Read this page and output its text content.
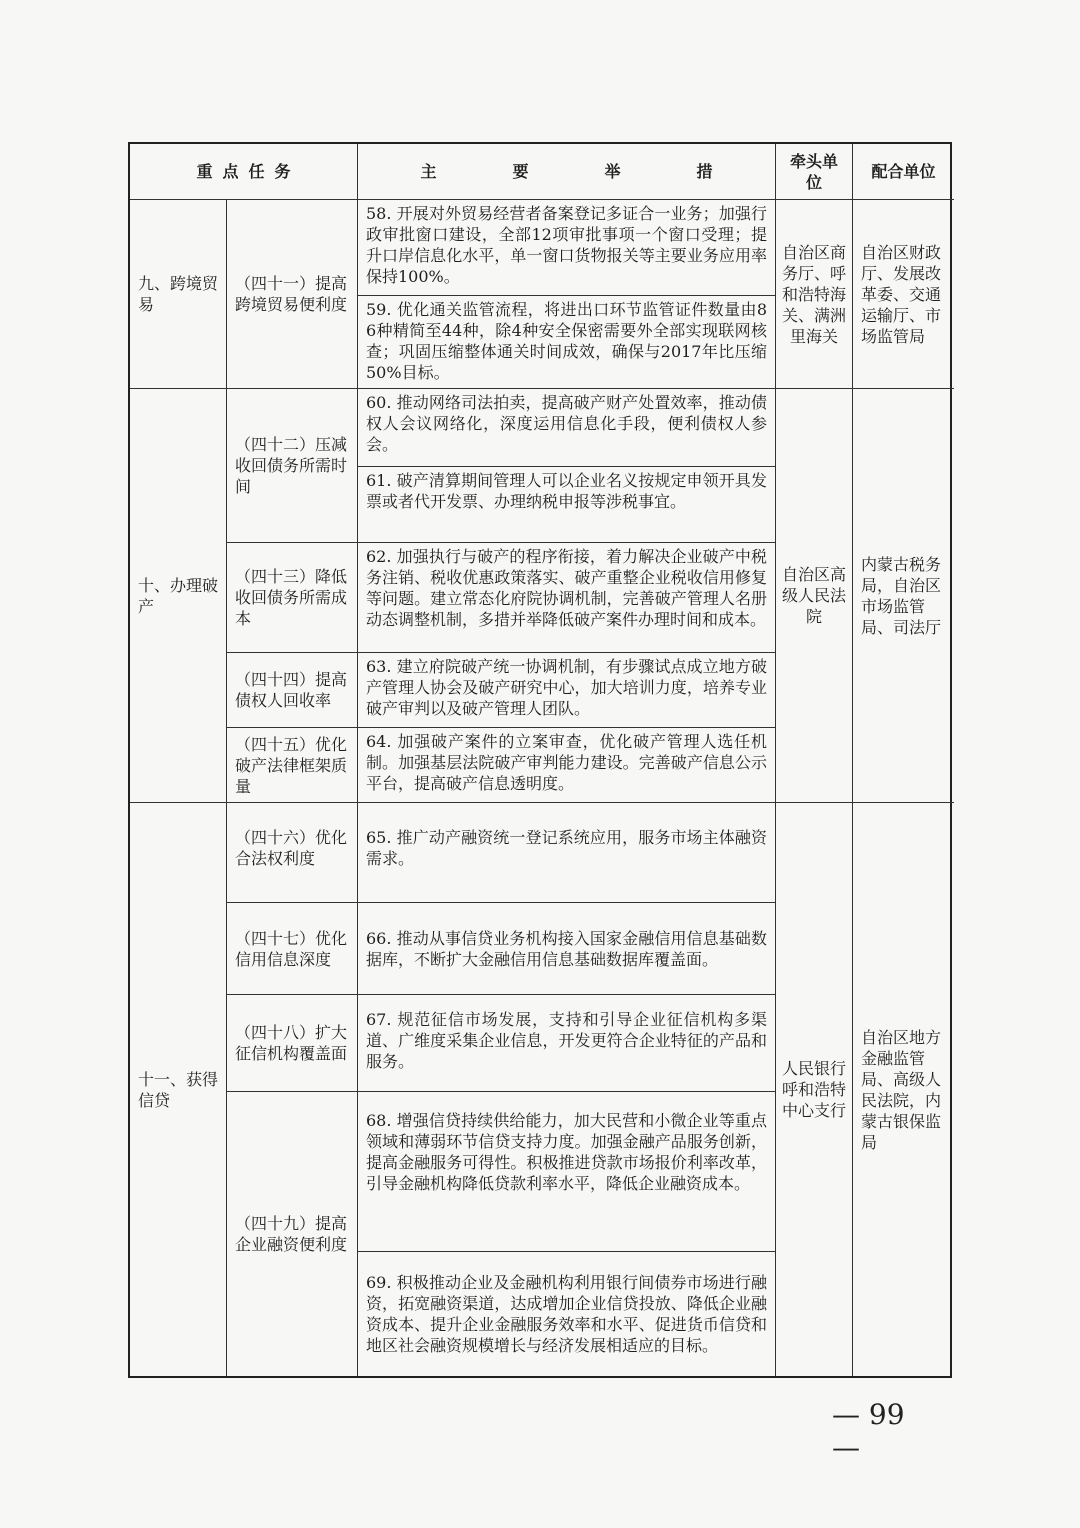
重点任务	主　要　举　措
牵头单位
配合单位
九、跨境贸易
（四十一）提高跨境贸易便利度
58. 开展对外贸易经营者备案登记多证合一业务；加强行政审批窗口建设，全部12项审批事项一个窗口受理；提升口岸信息化水平，单一窗口货物报关等主要业务应用率保持100%。
59. 优化通关监管流程，将进出口环节监管证件数量由86种精简至44种，除4种安全保密需要外全部实现联网核查；巩固压缩整体通关时间成效，确保与2017年比压缩50%目标。
自治区商务厅、呼和浩特海关、满洲里海关
自治区财政厅、发展改革委、交通运输厅、市场监管局
十、办理破产
（四十二）压减收回债务所需时间
60. 推动网络司法拍卖，提高破产财产处置效率，推动债权人会议网络化，深度运用信息化手段，便利债权人参会。
61. 破产清算期间管理人可以企业名义按规定申领开具发票或者代开发票、办理纳税申报等涉税事宜。
（四十三）降低收回债务所需成本
62. 加强执行与破产的程序衔接，着力解决企业破产中税务注销、税收优惠政策落实、破产重整企业税收信用修复等问题。建立常态化府院协调机制，完善破产管理人名册动态调整机制，多措并举降低破产案件办理时间和成本。
（四十四）提高债权人回收率
63. 建立府院破产统一协调机制，有步骤试点成立地方破产管理人协会及破产研究中心，加大培训力度，培养专业破产审判以及破产管理人团队。
（四十五）优化破产法律框架质量
64. 加强破产案件的立案审查，优化破产管理人选任机制。加强基层法院破产审判能力建设。完善破产信息公示平台，提高破产信息透明度。
自治区高级人民法院
内蒙古税务局，自治区市场监管局、司法厅
十一、获得信贷
（四十六）优化合法权利度
65. 推广动产融资统一登记系统应用，服务市场主体融资需求。
（四十七）优化信用信息深度
66. 推动从事信贷业务机构接入国家金融信用信息基础数据库，不断扩大金融信用信息基础数据库覆盖面。
（四十八）扩大征信机构覆盖面
67. 规范征信市场发展，支持和引导企业征信机构多渠道、广维度采集企业信息，开发更符合企业特征的产品和服务。
（四十九）提高企业融资便利度
68. 增强信贷持续供给能力，加大民营和小微企业等重点领域和薄弱环节信贷支持力度。加强金融产品服务创新，提高金融服务可得性。积极推进贷款市场报价利率改革，引导金融机构降低贷款利率水平，降低企业融资成本。
69. 积极推动企业及金融机构利用银行间债券市场进行融资，拓宽融资渠道，达成增加企业信贷投放、降低企业融资成本、提升企业金融服务效率和水平、促进货币信贷和地区社会融资规模增长与经济发展相适应的目标。
人民银行呼和浩特中心支行
自治区地方金融监管局、高级人民法院，内蒙古银保监局
— 99 —
